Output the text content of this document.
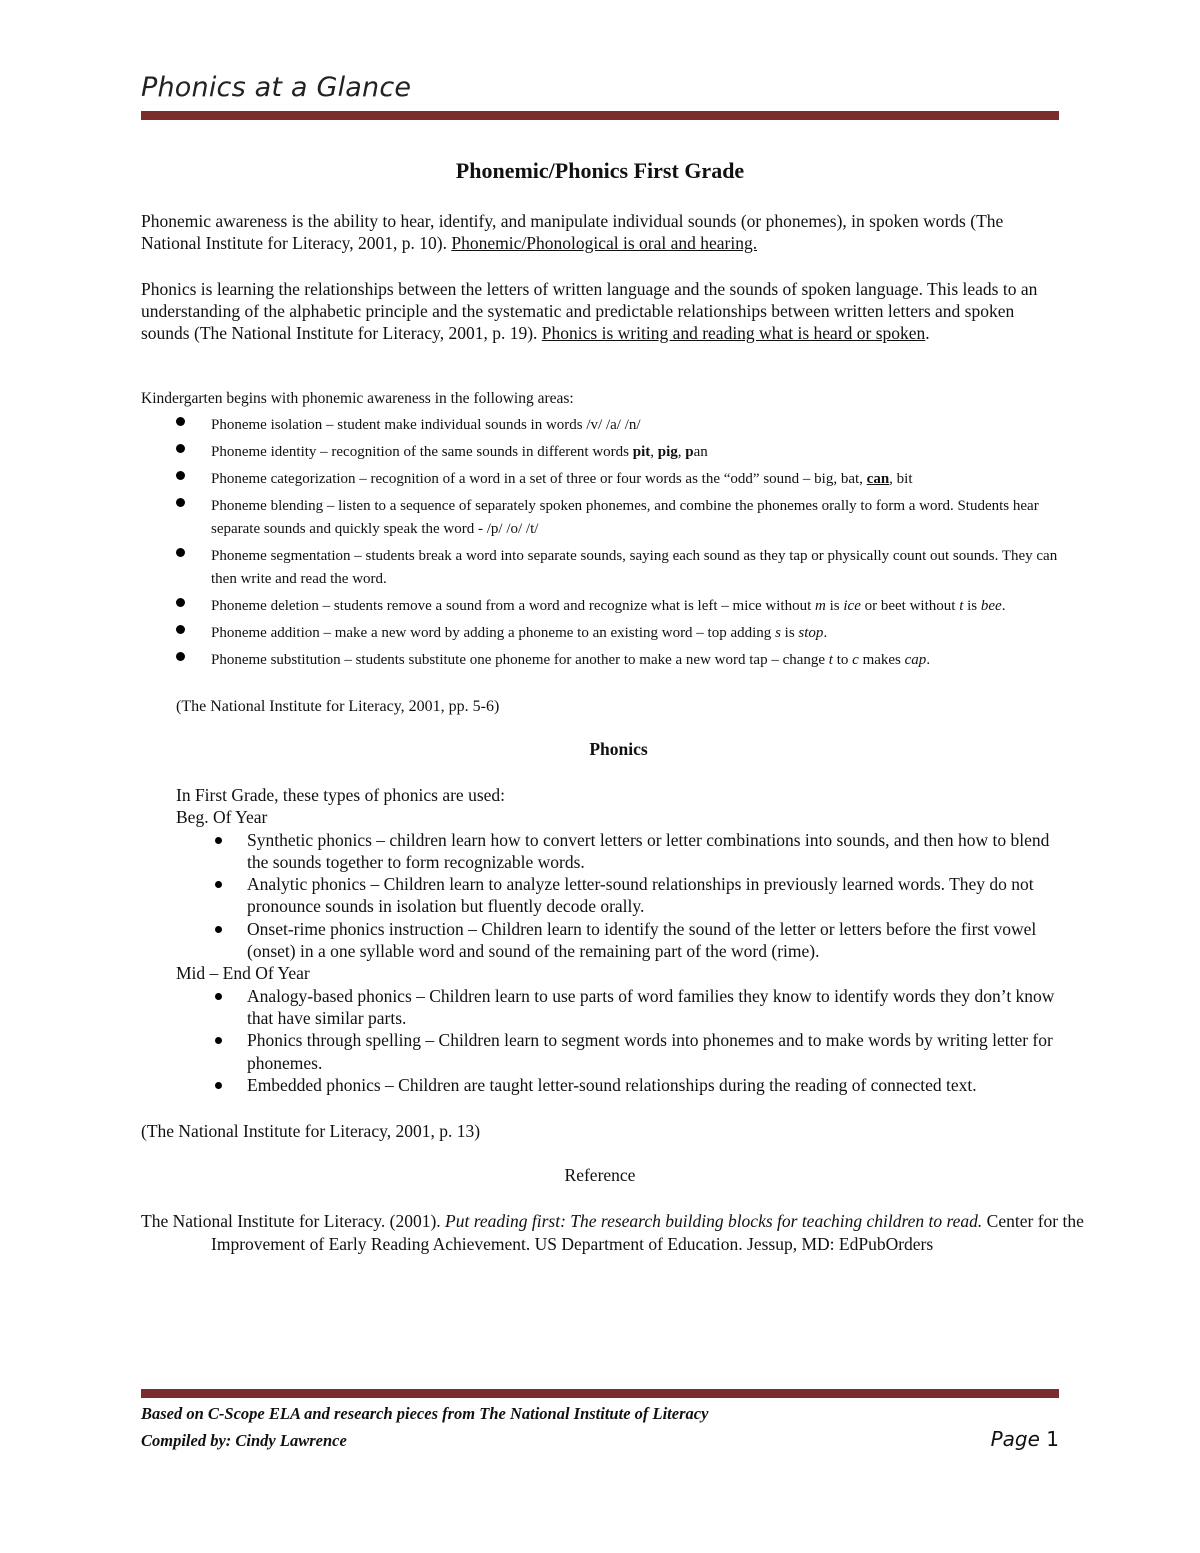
Phonics at a Glance
Phonemic/Phonics First Grade
Phonemic awareness is the ability to hear, identify, and manipulate individual sounds (or phonemes), in spoken words (The National Institute for Literacy, 2001, p. 10). Phonemic/Phonological is oral and hearing.
Phonics is learning the relationships between the letters of written language and the sounds of spoken language. This leads to an understanding of the alphabetic principle and the systematic and predictable relationships between written letters and spoken sounds (The National Institute for Literacy, 2001, p. 19). Phonics is writing and reading what is heard or spoken.
Kindergarten begins with phonemic awareness in the following areas:
Phoneme isolation – student make individual sounds in words /v/ /a/ /n/
Phoneme identity – recognition of the same sounds in different words pit, pig, pan
Phoneme categorization – recognition of a word in a set of three or four words as the “odd” sound – big, bat, can, bit
Phoneme blending – listen to a sequence of separately spoken phonemes, and combine the phonemes orally to form a word. Students hear separate sounds and quickly speak the word - /p/ /o/ /t/
Phoneme segmentation – students break a word into separate sounds, saying each sound as they tap or physically count out sounds. They can then write and read the word.
Phoneme deletion – students remove a sound from a word and recognize what is left – mice without m is ice or beet without t is bee.
Phoneme addition – make a new word by adding a phoneme to an existing word – top adding s is stop.
Phoneme substitution – students substitute one phoneme for another to make a new word tap – change t to c makes cap.
(The National Institute for Literacy, 2001, pp. 5-6)
Phonics
In First Grade, these types of phonics are used:
Beg. Of Year
Synthetic phonics – children learn how to convert letters or letter combinations into sounds, and then how to blend the sounds together to form recognizable words.
Analytic phonics – Children learn to analyze letter-sound relationships in previously learned words. They do not pronounce sounds in isolation but fluently decode orally.
Onset-rime phonics instruction – Children learn to identify the sound of the letter or letters before the first vowel (onset) in a one syllable word and sound of the remaining part of the word (rime).
Mid – End Of Year
Analogy-based phonics – Children learn to use parts of word families they know to identify words they don’t know that have similar parts.
Phonics through spelling – Children learn to segment words into phonemes and to make words by writing letter for phonemes.
Embedded phonics – Children are taught letter-sound relationships during the reading of connected text.
(The National Institute for Literacy, 2001, p. 13)
Reference
The National Institute for Literacy. (2001). Put reading first: The research building blocks for teaching children to read. Center for the Improvement of Early Reading Achievement. US Department of Education. Jessup, MD: EdPubOrders
Based on C-Scope ELA and research pieces from The National Institute of Literacy
Compiled by: Cindy Lawrence	Page 1
